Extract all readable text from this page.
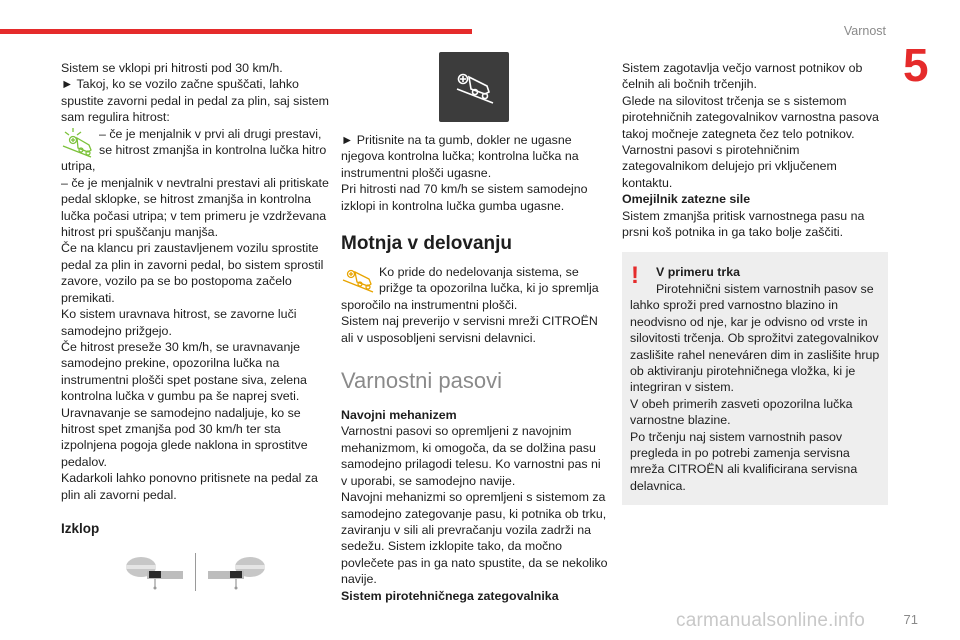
Varnost
5

Sistem se vklopi pri hitrosti pod 30 km/h.

► Takoj, ko se vozilo začne spuščati, lahko spustite zavorni pedal in pedal za plin, saj sistem sam regulira hitrost:

– če je menjalnik v prvi ali drugi prestavi, se hitrost zmanjša in kontrolna lučka hitro utripa,

– če je menjalnik v nevtralni prestavi ali pritiskate pedal sklopke, se hitrost zmanjša in kontrolna lučka počasi utripa; v tem primeru je vzdrževana hitrost pri spuščanju manjša.

Če na klancu pri zaustavljenem vozilu sprostite pedal za plin in zavorni pedal, bo sistem sprostil zavore, vozilo pa se bo postopoma začelo premikati.

Ko sistem uravnava hitrost, se zavorne luči samodejno prižgejo.

Če hitrost preseže 30 km/h, se uravnavanje samodejno prekine, opozorilna lučka na instrumentni plošči spet postane siva, zelena kontrolna lučka v gumbu pa še naprej sveti.

Uravnavanje se samodejno nadaljuje, ko se hitrost spet zmanjša pod 30 km/h ter sta izpolnjena pogoja glede naklona in sprostitve pedalov.

Kadarkoli lahko ponovno pritisnete na pedal za plin ali zavorni pedal.

Izklop

► Pritisnite na ta gumb, dokler ne ugasne njegova kontrolna lučka; kontrolna lučka na instrumentni plošči ugasne.

Pri hitrosti nad 70 km/h se sistem samodejno izklopi in kontrolna lučka gumba ugasne.

Motnja v delovanju

Ko pride do nedelovanja sistema, se prižge ta opozorilna lučka, ki jo spremlja sporočilo na instrumentni plošči.

Sistem naj preverijo v servisni mreži CITROËN ali v usposobljeni servisni delavnici.

Varnostni pasovi

Navojni mehanizem

Varnostni pasovi so opremljeni z navojnim mehanizmom, ki omogoča, da se dolžina pasu samodejno prilagodi telesu. Ko varnostni pas ni v uporabi, se samodejno navije.

Navojni mehanizmi so opremljeni s sistemom za samodejno zategovanje pasu, ki potnika ob trku, zaviranju v sili ali prevračanju vozila zadrži na sedežu. Sistem izklopite tako, da močno povlečete pas in ga nato spustite, da se nekoliko navije.

Sistem pirotehničnega zategovalnika

Sistem zagotavlja večjo varnost potnikov ob čelnih ali bočnih trčenjih.

Glede na silovitost trčenja se s sistemom pirotehničnih zategovalnikov varnostna pasova takoj močneje zategneta čez telo potnikov.

Varnostni pasovi s pirotehničnim zategovalnikom delujejo pri vključenem kontaktu.

Omejilnik zatezne sile

Sistem zmanjša pritisk varnostnega pasu na prsni koš potnika in ga tako bolje zaščiti.

!	V primeru trka

Pirotehnični sistem varnostnih pasov se lahko sproži pred varnostno blazino in neodvisno od nje, kar je odvisno od vrste in silovitosti trčenja. Ob sprožitvi zategovalnikov zaslišite rahel neneváren dim in zaslišite hrup ob aktiviranju pirotehničnega vložka, ki je integriran v sistem.

V obeh primerih zasveti opozorilna lučka varnostne blazine.

Po trčenju naj sistem varnostnih pasov pregleda in po potrebi zamenja servisna mreža CITROËN ali kvalificirana servisna delavnica.

carmanualsonline.info	71
